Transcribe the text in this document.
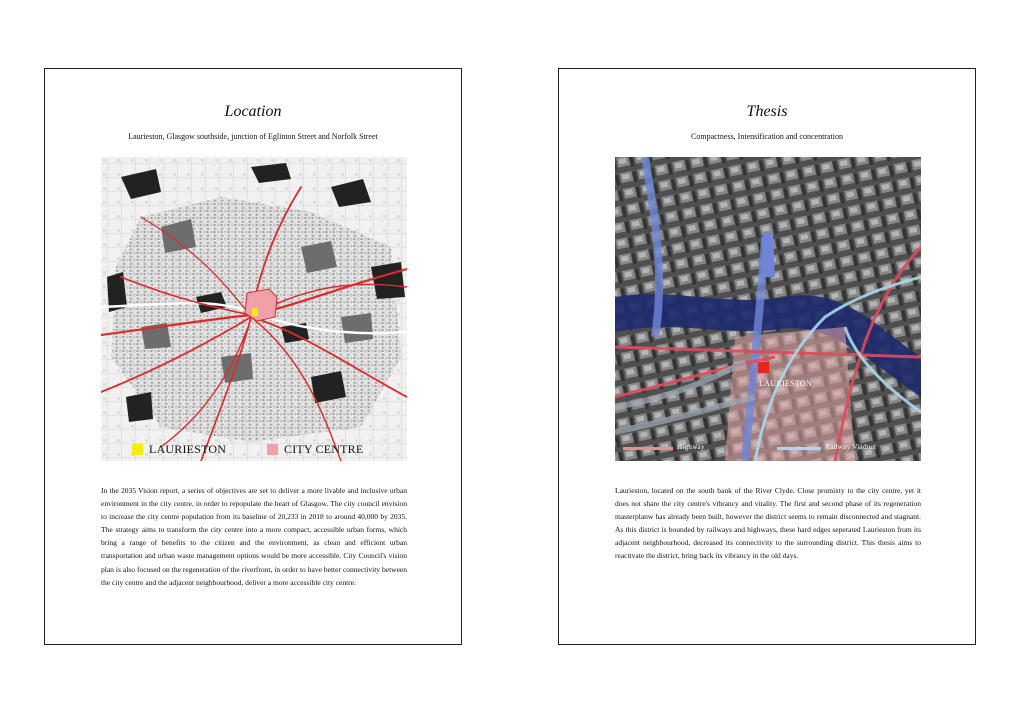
Location
Laurieston, Glasgow southside, junction of Eglinton Street and Norfolk Street
LAURIESTON	CITY CENTRE
In the 2035 Vision report, a series of objectives are set to deliver a more livable and inclusive urban environment in the city centre, in order to repopulate the heart of Glasgow. The city council envision to increase the city centre population from its baseline of 20,233 in 2018 to around 40,000 by 2035. The strategy aims to transform the city centre into a more compact, accessible urban forms, which bring a range of benefits to the citizen and the environment, as clean and efficient urban transportation and urban waste management options would be more accessible. City Council's vision plan is also focused on the regeneration of the riverfront, in order to have better connectivity between the city centre and the adjacent neighbourhood, deliver a more accessible city centre.
Thesis
Compactness, Intensification and concentration
LAURIESTON
Highway	Railway Viaduct
Laurieston, located on the south bank of the River Clyde. Close promixty to the city centre, yet it does not share the city centre's vibrancy and vitality. The first and second phase of its regeneration masterplanw has already been built, however the district seems to remain disconnected and stagnant. As this district is bounded by railways and highways, these hard edges seperated Laurieston from its adjacent neighbourhood, decreased its connectivity to the surrounding district. This thesis aims to reactivate the district, bring back its vibrancy in the old days.
